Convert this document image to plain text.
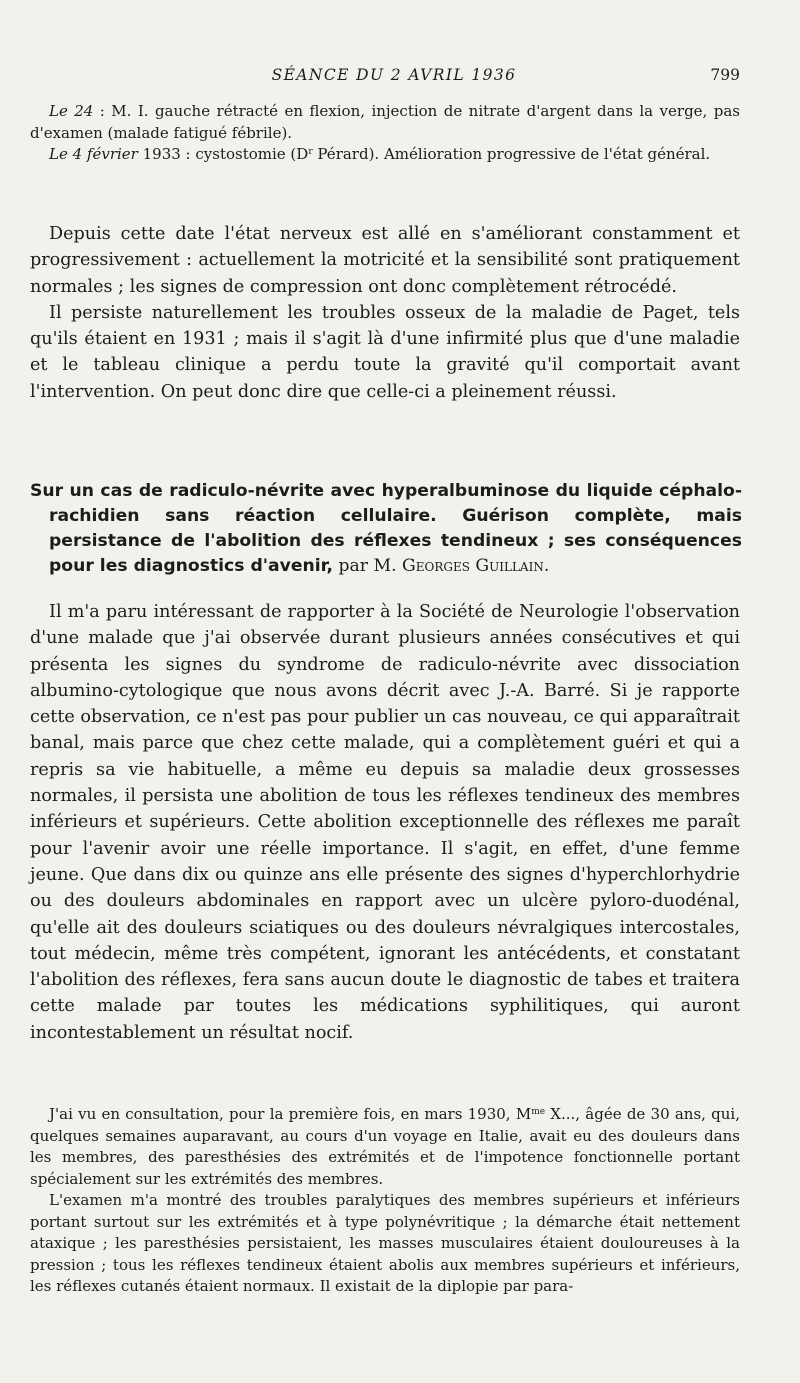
SÉANCE DU 2 AVRIL 1936	799

Le 24 : M. I. gauche rétracté en flexion, injection de nitrate d'argent dans la verge, pas d'examen (malade fatigué fébrile).

Le 4 février 1933 : cystostomie ($D^r$ Pérard). Amélioration progressive de l'état général.

Depuis cette date l'état nerveux est allé en s'améliorant constamment et progressivement : actuellement la motricité et la sensibilité sont pratiquement normales ; les signes de compression ont donc complètement rétrocédé.

Il persiste naturellement les troubles osseux de la maladie de Paget, tels qu'ils étaient en 1931 ; mais il s'agit là d'une infirmité plus que d'une maladie et le tableau clinique a perdu toute la gravité qu'il comportait avant l'intervention. On peut donc dire que celle-ci a pleinement réussi.

Sur un cas de radiculo-névrite avec hyperalbuminose du liquide céphalo-rachidien sans réaction cellulaire. Guérison complète, mais persistance de l'abolition des réflexes tendineux ; ses conséquences pour les diagnostics d'avenir, par M. Georges Guillain.

Il m'a paru intéressant de rapporter à la Société de Neurologie l'observation d'une malade que j'ai observée durant plusieurs années consécutives et qui présenta les signes du syndrome de radiculo-névrite avec dissociation albumino-cytologique que nous avons décrit avec J.-A. Barré. Si je rapporte cette observation, ce n'est pas pour publier un cas nouveau, ce qui apparaîtrait banal, mais parce que chez cette malade, qui a complètement guéri et qui a repris sa vie habituelle, a même eu depuis sa maladie deux grossesses normales, il persista une abolition de tous les réflexes tendineux des membres inférieurs et supérieurs. Cette abolition exceptionnelle des réflexes me paraît pour l'avenir avoir une réelle importance. Il s'agit, en effet, d'une femme jeune. Que dans dix ou quinze ans elle présente des signes d'hyperchlorhydrie ou des douleurs abdominales en rapport avec un ulcère pyloro-duodénal, qu'elle ait des douleurs sciatiques ou des douleurs névralgiques intercostales, tout médecin, même très compétent, ignorant les antécédents, et constatant l'abolition des réflexes, fera sans aucun doute le diagnostic de tabes et traitera cette malade par toutes les médications syphilitiques, qui auront incontestablement un résultat nocif.

J'ai vu en consultation, pour la première fois, en mars 1930, $M^{me}$ X..., âgée de 30 ans, qui, quelques semaines auparavant, au cours d'un voyage en Italie, avait eu des douleurs dans les membres, des paresthésies des extrémités et de l'impotence fonctionnelle portant spécialement sur les extrémités des membres.

L'examen m'a montré des troubles paralytiques des membres supérieurs et inférieurs portant surtout sur les extrémités et à type polynévritique ; la démarche était nettement ataxique ; les paresthésies persistaient, les masses musculaires étaient douloureuses à la pression ; tous les réflexes tendineux étaient abolis aux membres supérieurs et inférieurs, les réflexes cutanés étaient normaux. Il existait de la diplopie par para-
